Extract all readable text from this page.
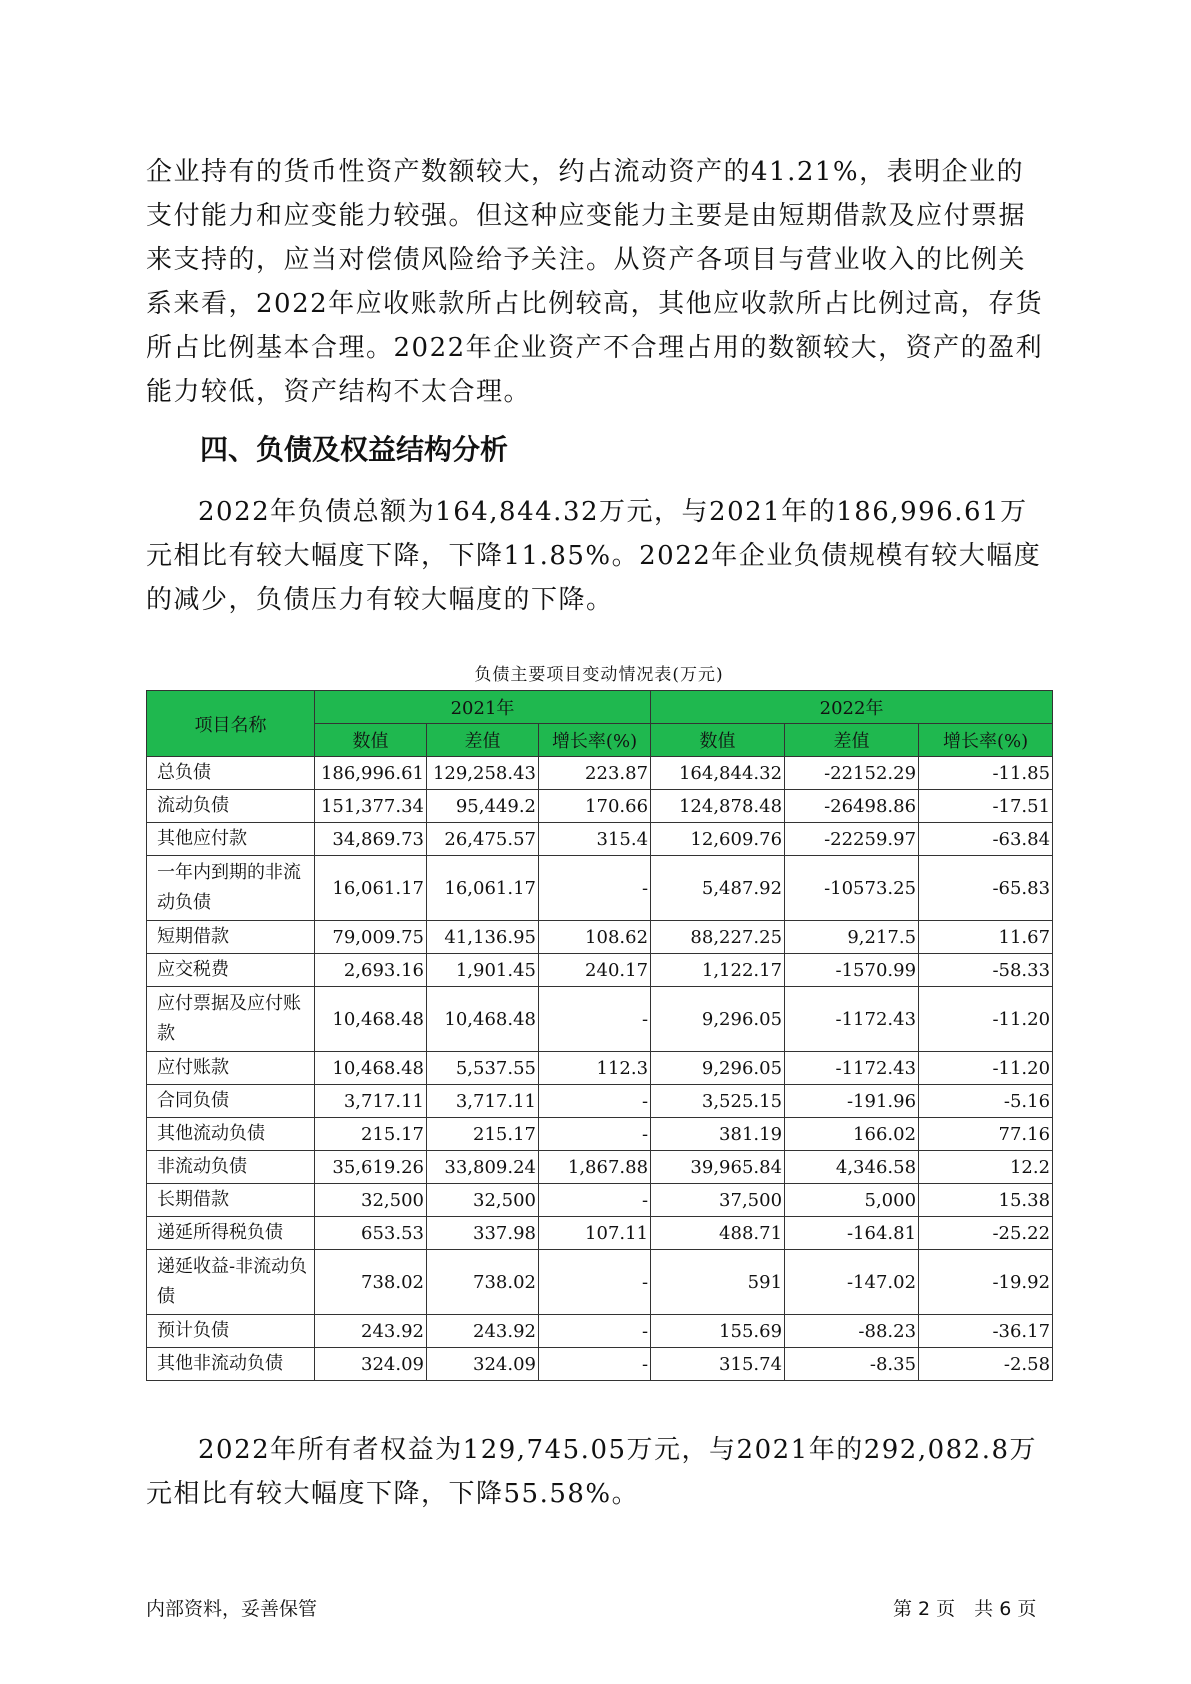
企业持有的货币性资产数额较大，约占流动资产的41.21%，表明企业的支付能力和应变能力较强。但这种应变能力主要是由短期借款及应付票据来支持的，应当对偿债风险给予关注。从资产各项目与营业收入的比例关系来看，2022年应收账款所占比例较高，其他应收款所占比例过高，存货所占比例基本合理。2022年企业资产不合理占用的数额较大，资产的盈利能力较低，资产结构不太合理。

四、负债及权益结构分析

2022年负债总额为164,844.32万元，与2021年的186,996.61万元相比有较大幅度下降，下降11.85%。2022年企业负债规模有较大幅度的减少，负债压力有较大幅度的下降。

负债主要项目变动情况表(万元)
项目名称	2021年			2022年		
	数值	差值	增长率(%)	数值	差值	增长率(%)
总负债	186,996.61	129,258.43	223.87	164,844.32	-22152.29	-11.85
流动负债	151,377.34	95,449.2	170.66	124,878.48	-26498.86	-17.51
其他应付款	34,869.73	26,475.57	315.4	12,609.76	-22259.97	-63.84
一年内到期的非流动负债	16,061.17	16,061.17	-	5,487.92	-10573.25	-65.83
短期借款	79,009.75	41,136.95	108.62	88,227.25	9,217.5	11.67
应交税费	2,693.16	1,901.45	240.17	1,122.17	-1570.99	-58.33
应付票据及应付账款	10,468.48	10,468.48	-	9,296.05	-1172.43	-11.20
应付账款	10,468.48	5,537.55	112.3	9,296.05	-1172.43	-11.20
合同负债	3,717.11	3,717.11	-	3,525.15	-191.96	-5.16
其他流动负债	215.17	215.17	-	381.19	166.02	77.16
非流动负债	35,619.26	33,809.24	1,867.88	39,965.84	4,346.58	12.2
长期借款	32,500	32,500	-	37,500	5,000	15.38
递延所得税负债	653.53	337.98	107.11	488.71	-164.81	-25.22
递延收益-非流动负债	738.02	738.02	-	591	-147.02	-19.92
预计负债	243.92	243.92	-	155.69	-88.23	-36.17
其他非流动负债	324.09	324.09	-	315.74	-8.35	-2.58

2022年所有者权益为129,745.05万元，与2021年的292,082.8万元相比有较大幅度下降，下降55.58%。

内部资料，妥善保管	第 2 页　共 6 页
